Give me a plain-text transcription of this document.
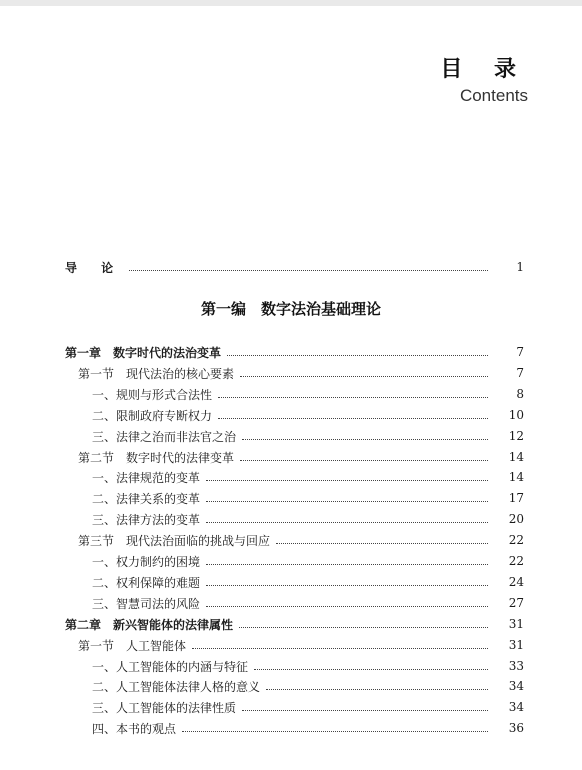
目 录
Contents
导 论	1
第一编　数字法治基础理论
第一章　数字时代的法治变革	7
第一节　现代法治的核心要素	7
一、规则与形式合法性	8
二、限制政府专断权力	10
三、法律之治而非法官之治	12
第二节　数字时代的法律变革	14
一、法律规范的变革	14
二、法律关系的变革	17
三、法律方法的变革	20
第三节　现代法治面临的挑战与回应	22
一、权力制约的困境	22
二、权利保障的难题	24
三、智慧司法的风险	27
第二章　新兴智能体的法律属性	31
第一节　人工智能体	31
一、人工智能体的内涵与特征	33
二、人工智能体法律人格的意义	34
三、人工智能体的法律性质	34
四、本书的观点	36
